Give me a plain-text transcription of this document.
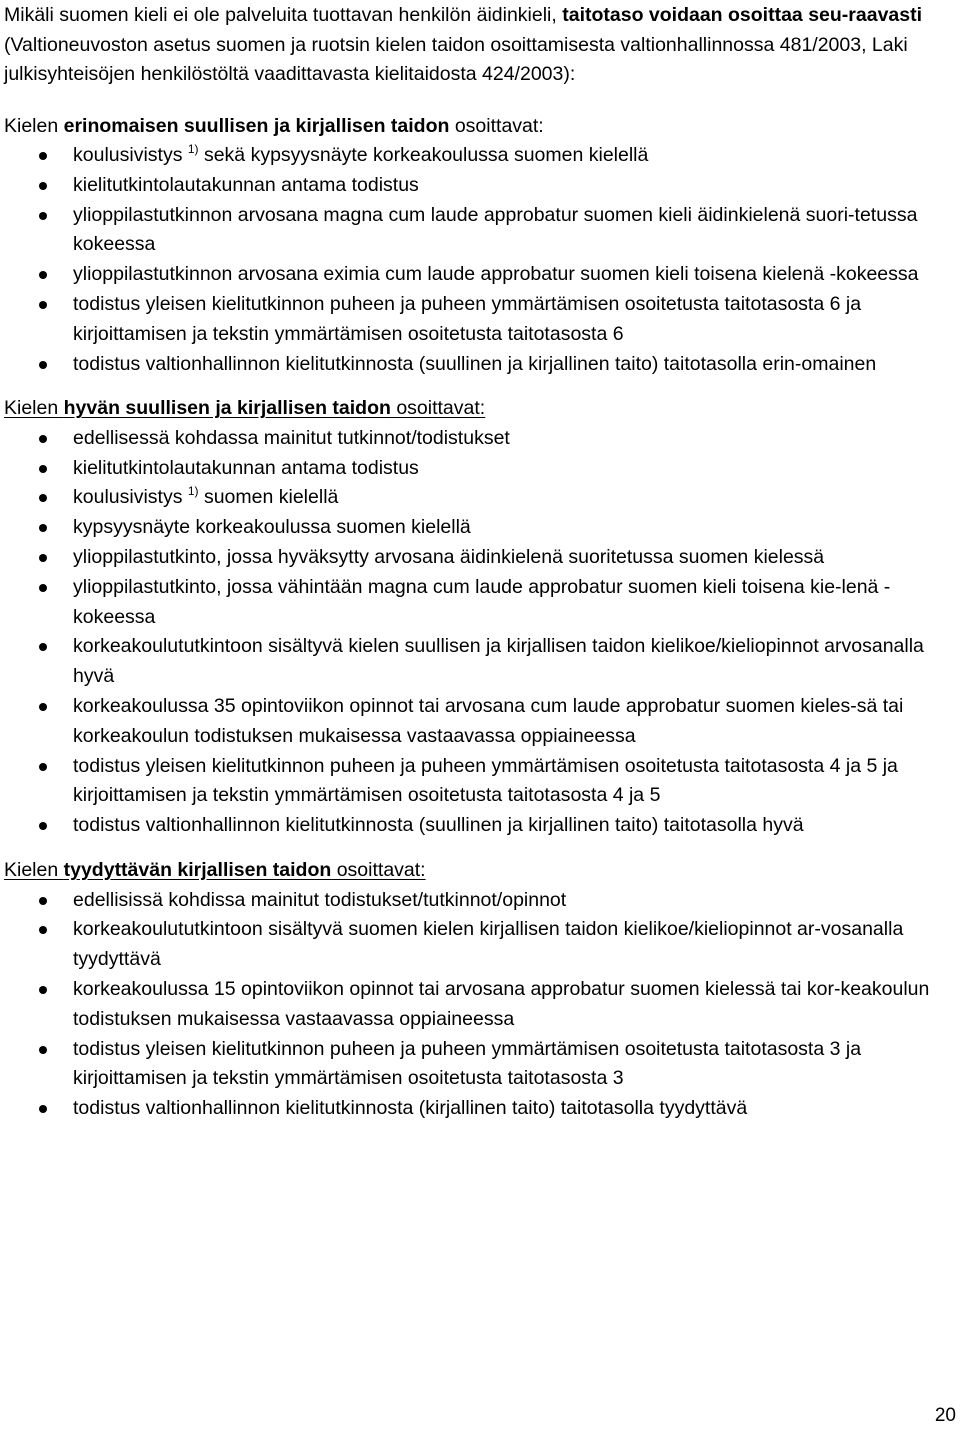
Mikäli suomen kieli ei ole palveluita tuottavan henkilön äidinkieli, taitotaso voidaan osoittaa seu-raavasti (Valtioneuvoston asetus suomen ja ruotsin kielen taidon osoittamisesta valtionhallinnossa 481/2003, Laki julkisyhteisöjen henkilöstöltä vaadittavasta kielitaidosta 424/2003):

Kielen erinomaisen suullisen ja kirjallisen taidon osoittavat:

koulusivistys $^{1)}$ sekä kypsyysnäyte korkeakoulussa suomen kielellä
kielitutkintolautakunnan antama todistus
ylioppilastutkinnon arvosana magna cum laude approbatur suomen kieli äidinkielenä suori-tetussa kokeessa
ylioppilastutkinnon arvosana eximia cum laude approbatur suomen kieli toisena kielenä -kokeessa
todistus yleisen kielitutkinnon puheen ja puheen ymmärtämisen osoitetusta taitotasosta 6 ja kirjoittamisen ja tekstin ymmärtämisen osoitetusta taitotasosta 6
todistus valtionhallinnon kielitutkinnosta (suullinen ja kirjallinen taito) taitotasolla erin-omainen

Kielen hyvän suullisen ja kirjallisen taidon osoittavat:

edellisessä kohdassa mainitut tutkinnot/todistukset
kielitutkintolautakunnan antama todistus
koulusivistys $^{1)}$ suomen kielellä
kypsyysnäyte korkeakoulussa suomen kielellä
ylioppilastutkinto, jossa hyväksytty arvosana äidinkielenä suoritetussa suomen kielessä
ylioppilastutkinto, jossa vähintään magna cum laude approbatur suomen kieli toisena kie-lenä -kokeessa
korkeakoulututkintoon sisältyvä kielen suullisen ja kirjallisen taidon kielikoe/kieliopinnot arvosanalla hyvä
korkeakoulussa 35 opintoviikon opinnot tai arvosana cum laude approbatur suomen kieles-sä tai korkeakoulun todistuksen mukaisessa vastaavassa oppiaineessa
todistus yleisen kielitutkinnon puheen ja puheen ymmärtämisen osoitetusta taitotasosta 4 ja 5 ja kirjoittamisen ja tekstin ymmärtämisen osoitetusta taitotasosta 4 ja 5
todistus valtionhallinnon kielitutkinnosta (suullinen ja kirjallinen taito) taitotasolla hyvä

Kielen tyydyttävän kirjallisen taidon osoittavat:

edellisissä kohdissa mainitut todistukset/tutkinnot/opinnot
korkeakoulututkintoon sisältyvä suomen kielen kirjallisen taidon kielikoe/kieliopinnot ar-vosanalla tyydyttävä
korkeakoulussa 15 opintoviikon opinnot tai arvosana approbatur suomen kielessä tai kor-keakoulun todistuksen mukaisessa vastaavassa oppiaineessa
todistus yleisen kielitutkinnon puheen ja puheen ymmärtämisen osoitetusta taitotasosta 3 ja kirjoittamisen ja tekstin ymmärtämisen osoitetusta taitotasosta 3
todistus valtionhallinnon kielitutkinnosta (kirjallinen taito) taitotasolla tyydyttävä
20
